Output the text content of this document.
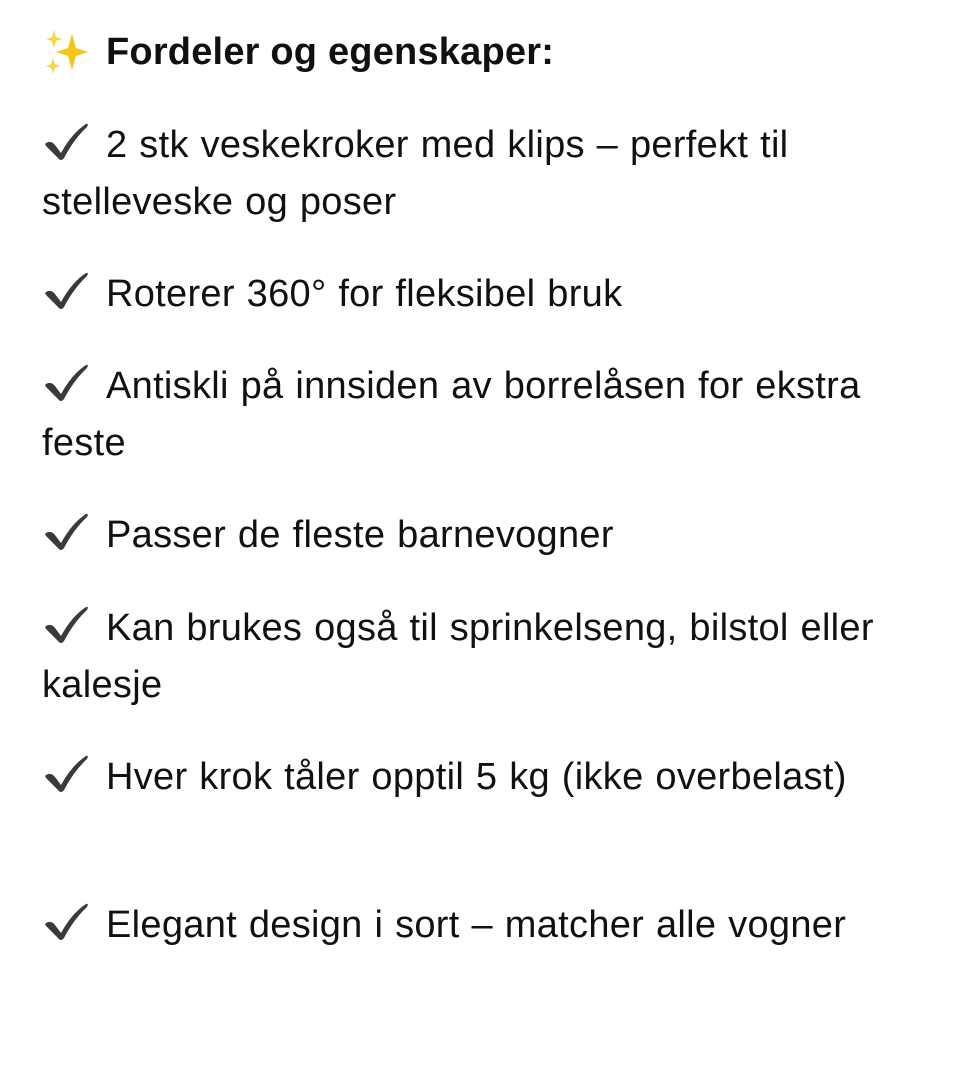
Fordeler og egenskaper:
2 stk veskekroker med klips – perfekt til stelleveske og poser
Roterer 360° for fleksibel bruk
Antiskli på innsiden av borrelåsen for ekstra feste
Passer de fleste barnevogner
Kan brukes også til sprinkelseng, bilstol eller kalesje
Hver krok tåler opptil 5 kg (ikke overbelast)
Elegant design i sort – matcher alle vogner
